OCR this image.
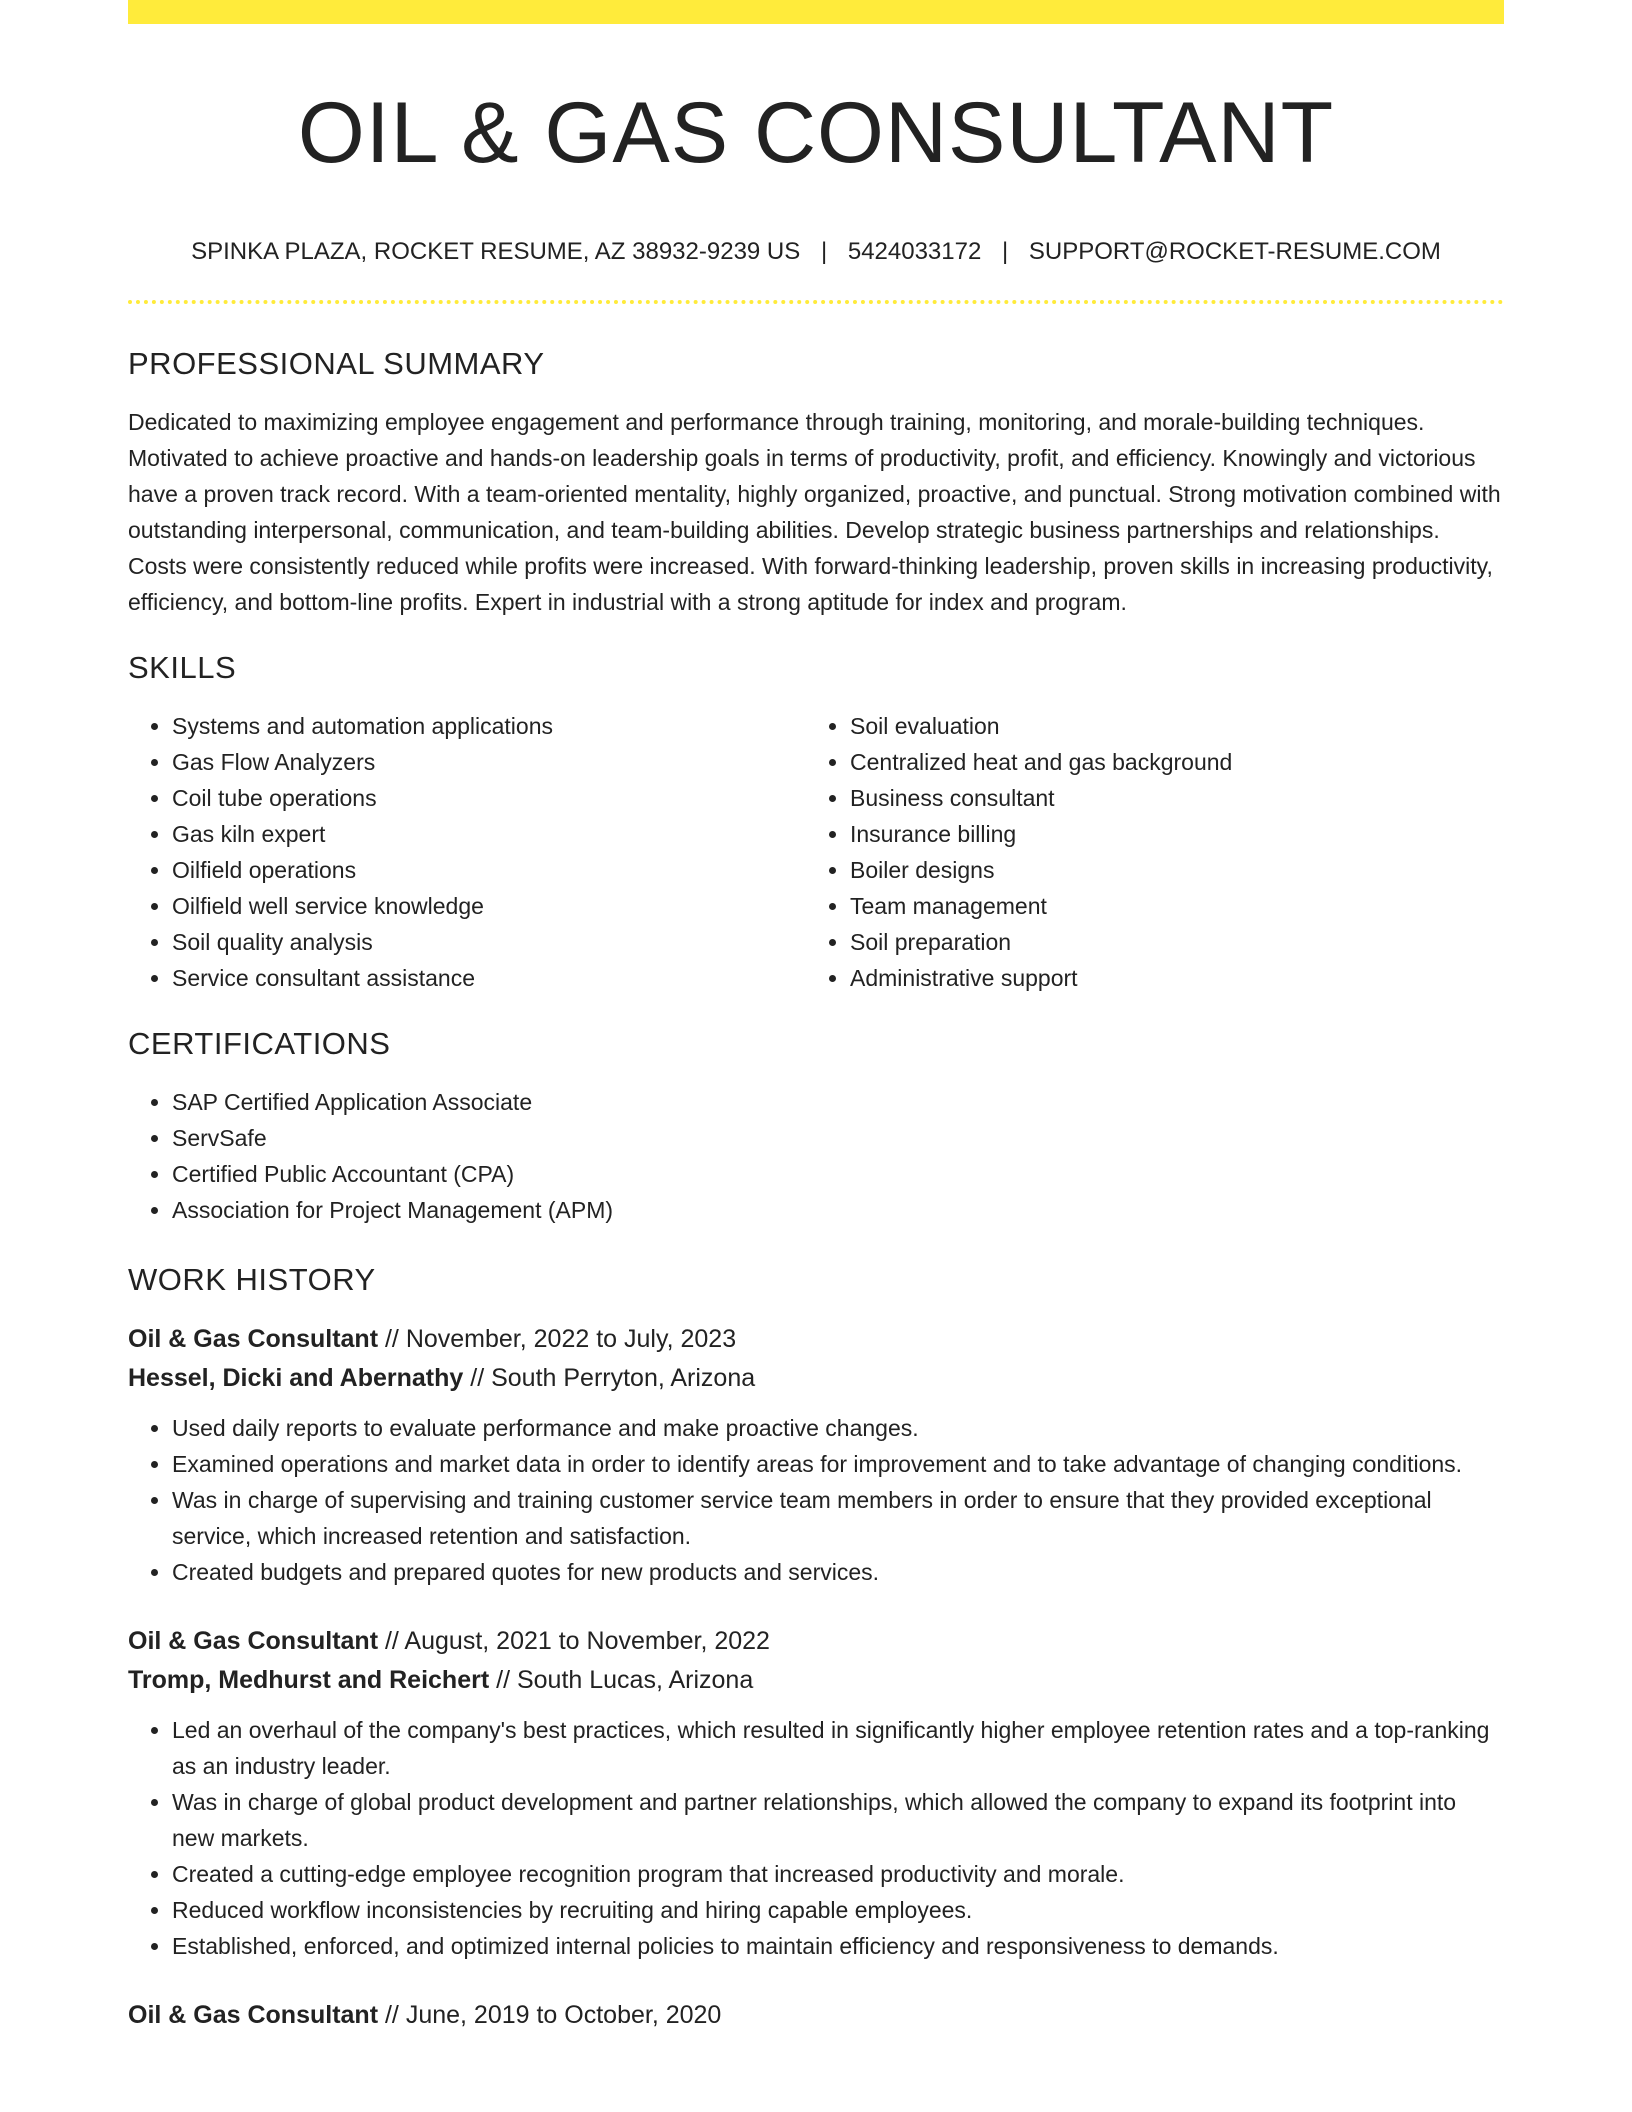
OIL & GAS CONSULTANT
SPINKA PLAZA, ROCKET RESUME, AZ 38932-9239 US | 5424033172 | SUPPORT@ROCKET-RESUME.COM
PROFESSIONAL SUMMARY
Dedicated to maximizing employee engagement and performance through training, monitoring, and morale-building techniques. Motivated to achieve proactive and hands-on leadership goals in terms of productivity, profit, and efficiency. Knowingly and victorious have a proven track record. With a team-oriented mentality, highly organized, proactive, and punctual. Strong motivation combined with outstanding interpersonal, communication, and team-building abilities. Develop strategic business partnerships and relationships. Costs were consistently reduced while profits were increased. With forward-thinking leadership, proven skills in increasing productivity, efficiency, and bottom-line profits. Expert in industrial with a strong aptitude for index and program.
SKILLS
• Systems and automation applications
• Gas Flow Analyzers
• Coil tube operations
• Gas kiln expert
• Oilfield operations
• Oilfield well service knowledge
• Soil quality analysis
• Service consultant assistance
• Soil evaluation
• Centralized heat and gas background
• Business consultant
• Insurance billing
• Boiler designs
• Team management
• Soil preparation
• Administrative support
CERTIFICATIONS
• SAP Certified Application Associate
• ServSafe
• Certified Public Accountant (CPA)
• Association for Project Management (APM)
WORK HISTORY
Oil & Gas Consultant // November, 2022 to July, 2023
Hessel, Dicki and Abernathy // South Perryton, Arizona
• Used daily reports to evaluate performance and make proactive changes.
• Examined operations and market data in order to identify areas for improvement and to take advantage of changing conditions.
• Was in charge of supervising and training customer service team members in order to ensure that they provided exceptional service, which increased retention and satisfaction.
• Created budgets and prepared quotes for new products and services.
Oil & Gas Consultant // August, 2021 to November, 2022
Tromp, Medhurst and Reichert // South Lucas, Arizona
• Led an overhaul of the company's best practices, which resulted in significantly higher employee retention rates and a top-ranking as an industry leader.
• Was in charge of global product development and partner relationships, which allowed the company to expand its footprint into new markets.
• Created a cutting-edge employee recognition program that increased productivity and morale.
• Reduced workflow inconsistencies by recruiting and hiring capable employees.
• Established, enforced, and optimized internal policies to maintain efficiency and responsiveness to demands.
Oil & Gas Consultant // June, 2019 to October, 2020
